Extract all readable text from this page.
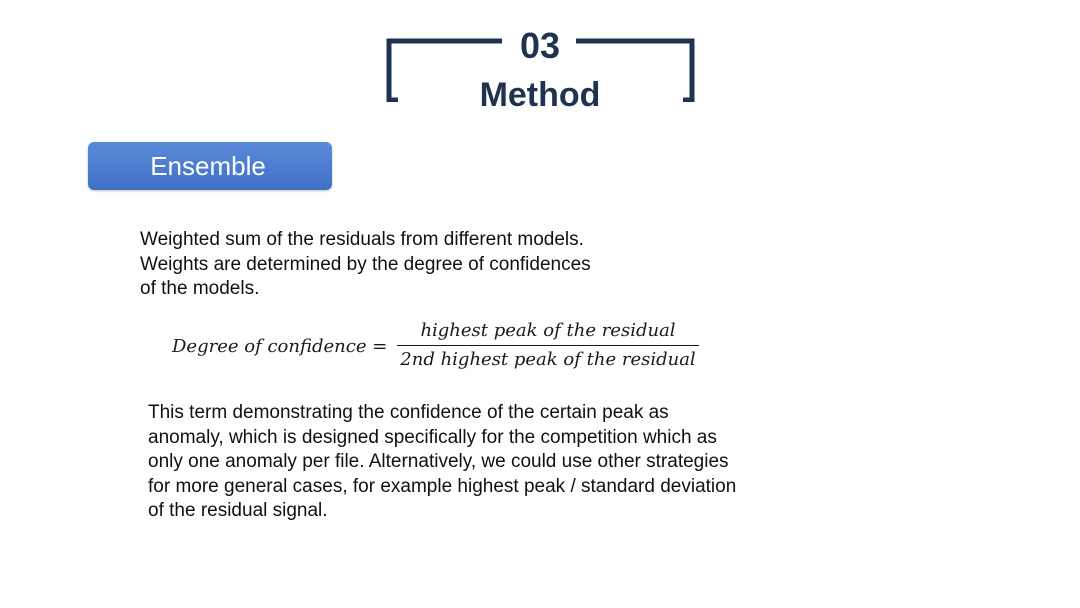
03
Method
Ensemble
Weighted sum of the residuals from different models.
Weights are determined by the degree of confidences
of the models.
Degree of confidence =
highest peak of the residual
2nd highest peak of the residual
This term demonstrating the confidence of the certain peak as
anomaly, which is designed specifically for the competition which as
only one anomaly per file. Alternatively, we could use other strategies
for more general cases, for example highest peak / standard deviation
of the residual signal.
